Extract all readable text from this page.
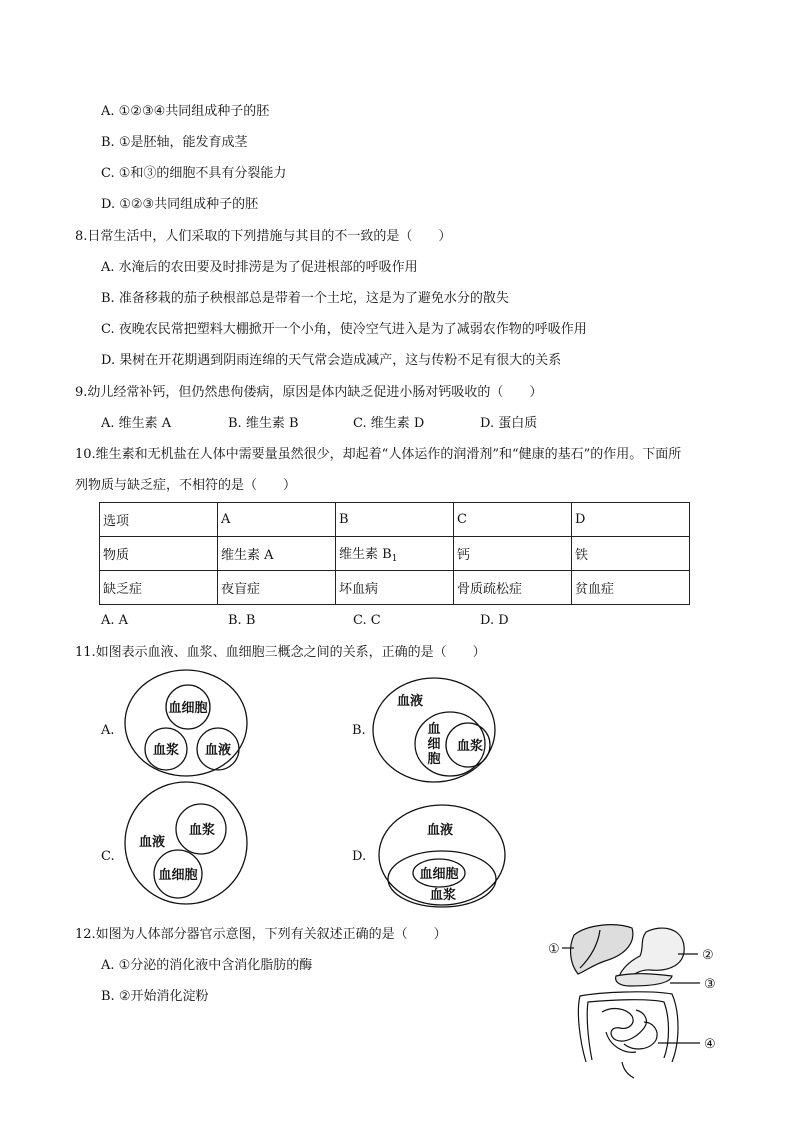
A. ①②③④共同组成种子的胚
B. ①是胚轴，能发育成茎
C. ①和③的细胞不具有分裂能力
D. ①②③共同组成种子的胚
8.日常生活中，人们采取的下列措施与其目的不一致的是（　　）
A. 水淹后的农田要及时排涝是为了促进根部的呼吸作用
B. 准备移栽的茄子秧根部总是带着一个土坨，这是为了避免水分的散失
C. 夜晚农民常把塑料大棚掀开一个小角，使冷空气进入是为了减弱农作物的呼吸作用
D. 果树在开花期遇到阴雨连绵的天气常会造成减产，这与传粉不足有很大的关系
9.幼儿经常补钙，但仍然患佝偻病，原因是体内缺乏促进小肠对钙吸收的（　　）
A. 维生素 A	B. 维生素 B	C. 维生素 D	D. 蛋白质
10.维生素和无机盐在人体中需要量虽然很少，却起着“人体运作的润滑剂”和“健康的基石”的作用。下面所
列物质与缺乏症，不相符的是（　　）
选项	A	B	C	D
物质	维生素 A	维生素 $B_1$	钙	铁
缺乏症	夜盲症	坏血病	骨质疏松症	贫血症
A. A	B. B	C. C	D. D
11.如图表示血液、血浆、血细胞三概念之间的关系，正确的是（　　）
A.	B.
C.	D.
血细胞
血浆 血液
血液
血
细
胞
血浆
血液
血浆
血细胞
血液
血细胞
血浆
12.如图为人体部分器官示意图，下列有关叙述正确的是（　　）
A. ①分泌的消化液中含消化脂肪的酶
B. ②开始消化淀粉
①	②
③
④
